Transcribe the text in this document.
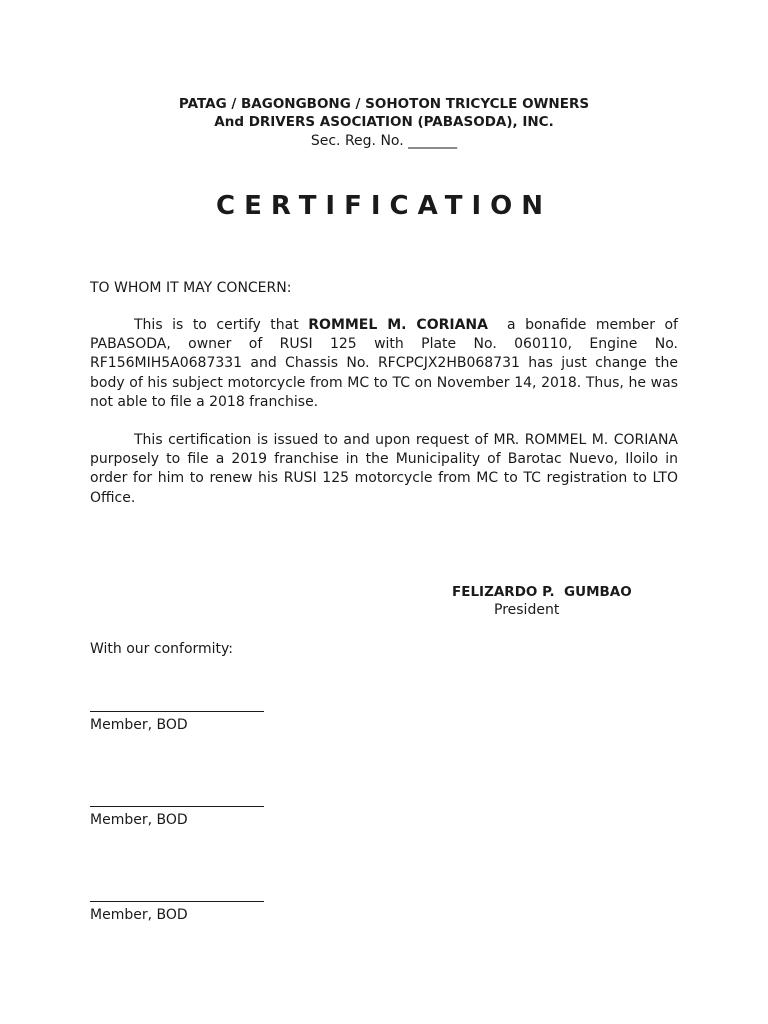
PATAG / BAGONGBONG / SOHOTON TRICYCLE OWNERS
And DRIVERS ASOCIATION (PABASODA), INC.
Sec. Reg. No. _______
CERTIFICATION
TO WHOM IT MAY CONCERN:

This is to certify that ROMMEL M. CORIANA  a bonafide member of PABASODA, owner of RUSI 125 with Plate No. 060110, Engine No. RF156MIH5A0687331 and Chassis No. RFCPCJX2HB068731 has just change the body of his subject motorcycle from MC to TC on November 14, 2018. Thus, he was not able to file a 2018 franchise.

This certification is issued to and upon request of MR. ROMMEL M. CORIANA purposely to file a 2019 franchise in the Municipality of Barotac Nuevo, Iloilo in order for him to renew his RUSI 125 motorcycle from MC to TC registration to LTO Office.

FELIZARDO P.  GUMBAO
President
With our conformity:
Member, BOD
Member, BOD
Member, BOD
